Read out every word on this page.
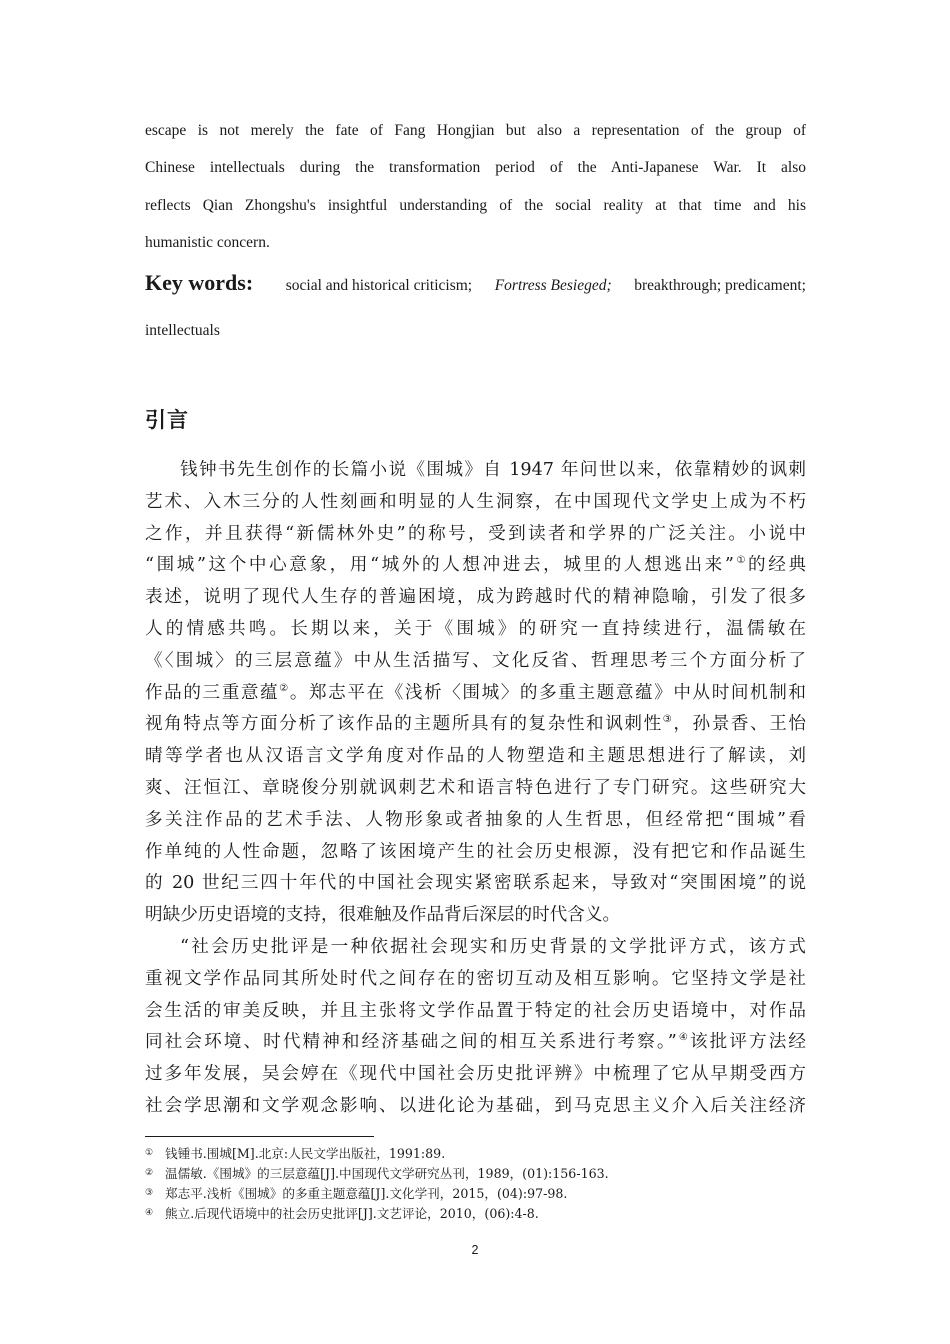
escape is not merely the fate of Fang Hongjian but also a representation of the group of
Chinese intellectuals during the transformation period of the Anti-Japanese War. It also
reflects Qian Zhongshu's insightful understanding of the social reality at that time and his
humanistic concern.
Key words: social and historical criticism; Fortress Besieged; breakthrough; predicament;
intellectuals
引言
钱钟书先生创作的长篇小说《围城》自 1947 年问世以来，依靠精妙的讽刺
艺术、入木三分的人性刻画和明显的人生洞察，在中国现代文学史上成为不朽
之作，并且获得“新儒林外史”的称号，受到读者和学界的广泛关注。小说中
“围城”这个中心意象，用“城外的人想冲进去，城里的人想逃出来”①的经典
表述，说明了现代人生存的普遍困境，成为跨越时代的精神隐喻，引发了很多
人的情感共鸣。长期以来，关于《围城》的研究一直持续进行，温儒敏在
《〈围城〉的三层意蕴》中从生活描写、文化反省、哲理思考三个方面分析了
作品的三重意蕴②。郑志平在《浅析〈围城〉的多重主题意蕴》中从时间机制和
视角特点等方面分析了该作品的主题所具有的复杂性和讽刺性③，孙景香、王怡
晴等学者也从汉语言文学角度对作品的人物塑造和主题思想进行了解读，刘
爽、汪恒江、章晓俊分别就讽刺艺术和语言特色进行了专门研究。这些研究大
多关注作品的艺术手法、人物形象或者抽象的人生哲思，但经常把“围城”看
作单纯的人性命题，忽略了该困境产生的社会历史根源，没有把它和作品诞生
的 20 世纪三四十年代的中国社会现实紧密联系起来，导致对“突围困境”的说
明缺少历史语境的支持，很难触及作品背后深层的时代含义。
“社会历史批评是一种依据社会现实和历史背景的文学批评方式，该方式
重视文学作品同其所处时代之间存在的密切互动及相互影响。它坚持文学是社
会生活的审美反映，并且主张将文学作品置于特定的社会历史语境中，对作品
同社会环境、时代精神和经济基础之间的相互关系进行考察。”④该批评方法经
过多年发展，吴会婷在《现代中国社会历史批评辨》中梳理了它从早期受西方
社会学思潮和文学观念影响、以进化论为基础，到马克思主义介入后关注经济
① 钱锺书.围城[M].北京:人民文学出版社，1991:89.
② 温儒敏.《围城》的三层意蕴[J].中国现代文学研究丛刊，1989，(01):156-163.
③ 郑志平.浅析《围城》的多重主题意蕴[J].文化学刊，2015，(04):97-98.
④ 熊立.后现代语境中的社会历史批评[J].文艺评论，2010，(06):4-8.
2
